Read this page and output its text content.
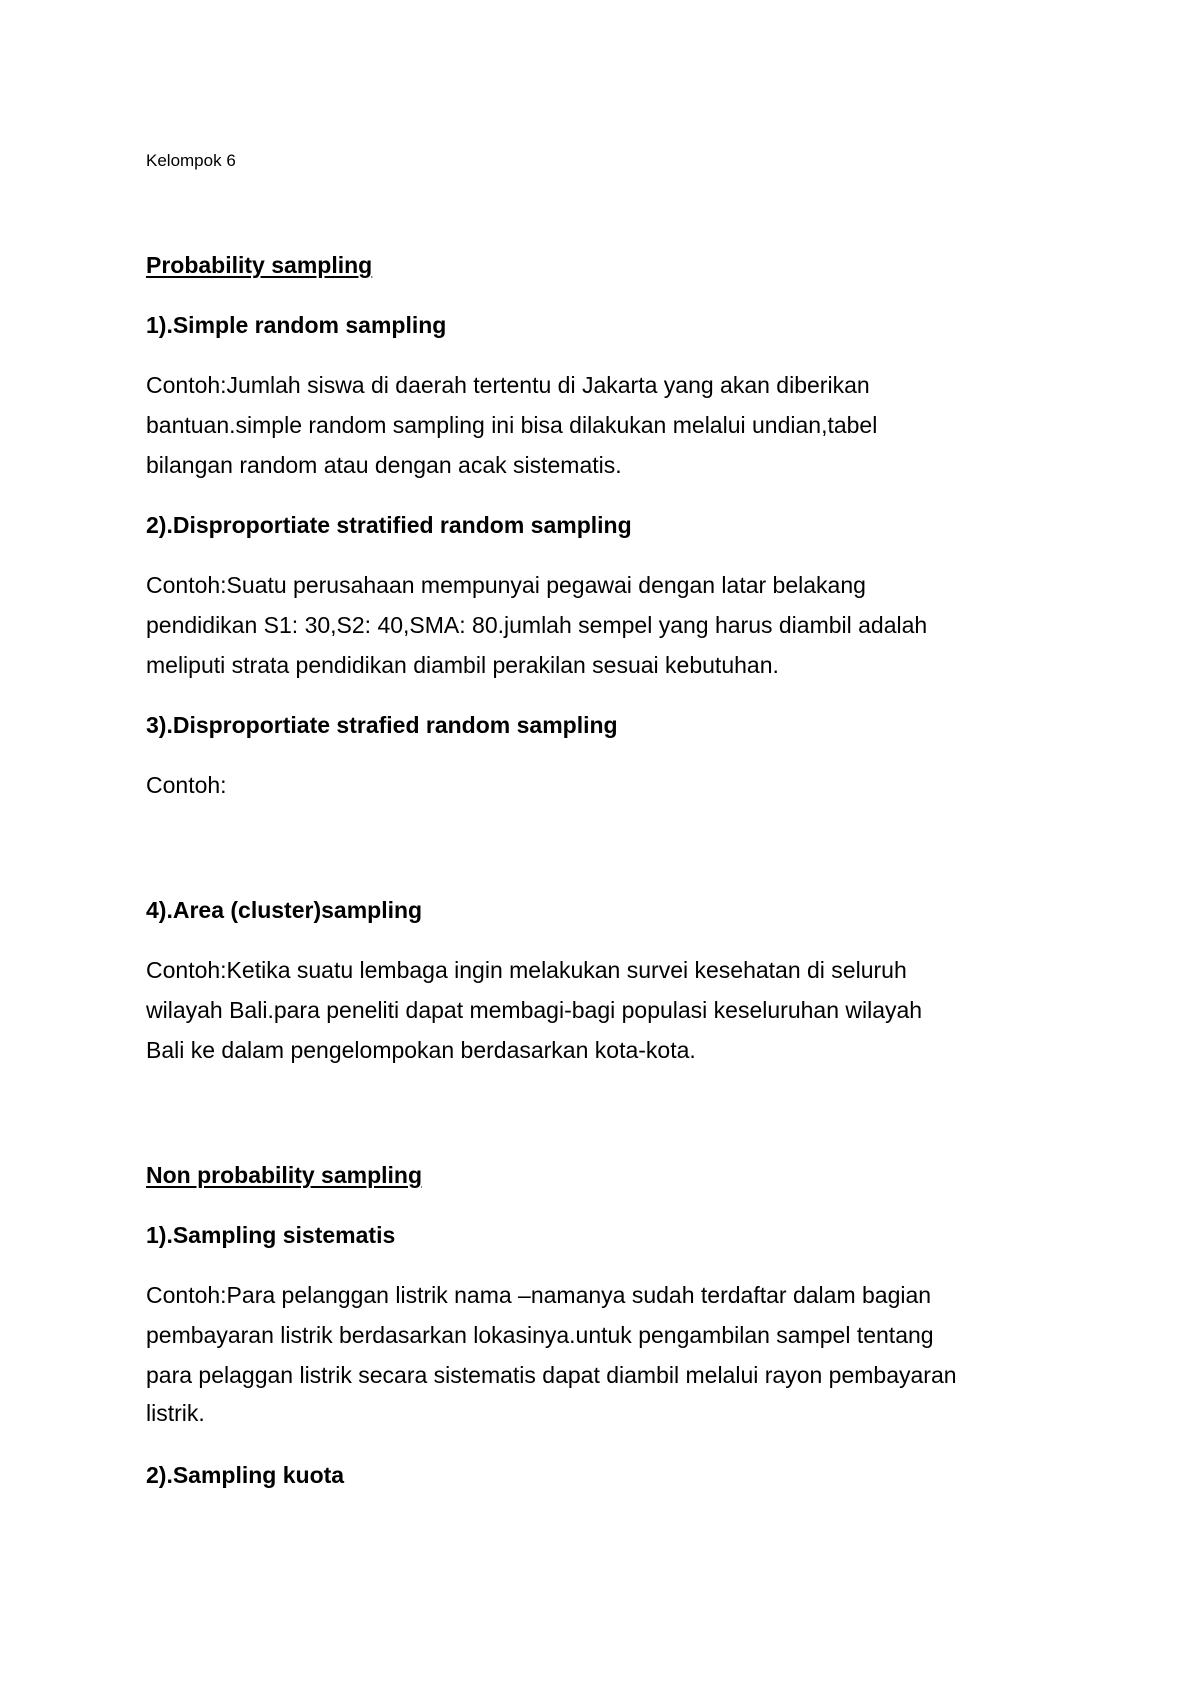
Kelompok 6

Probability sampling

1).Simple random sampling

Contoh:Jumlah siswa di daerah tertentu di Jakarta yang akan diberikan

bantuan.simple random sampling ini bisa dilakukan melalui undian,tabel

bilangan random atau dengan acak sistematis.

2).Disproportiate stratified random sampling

Contoh:Suatu perusahaan mempunyai pegawai dengan latar belakang

pendidikan S1: 30,S2: 40,SMA: 80.jumlah sempel yang harus diambil adalah

meliputi strata pendidikan diambil perakilan sesuai kebutuhan.

3).Disproportiate strafied random sampling

Contoh:

4).Area (cluster)sampling

Contoh:Ketika suatu lembaga ingin melakukan survei kesehatan di seluruh

wilayah Bali.para peneliti dapat membagi-bagi populasi keseluruhan wilayah

Bali ke dalam pengelompokan berdasarkan kota-kota.

Non probability sampling

1).Sampling sistematis

Contoh:Para pelanggan listrik nama –namanya sudah terdaftar dalam bagian

pembayaran listrik berdasarkan lokasinya.untuk pengambilan sampel tentang

para pelaggan listrik secara sistematis dapat diambil melalui rayon pembayaran

listrik.

2).Sampling kuota
